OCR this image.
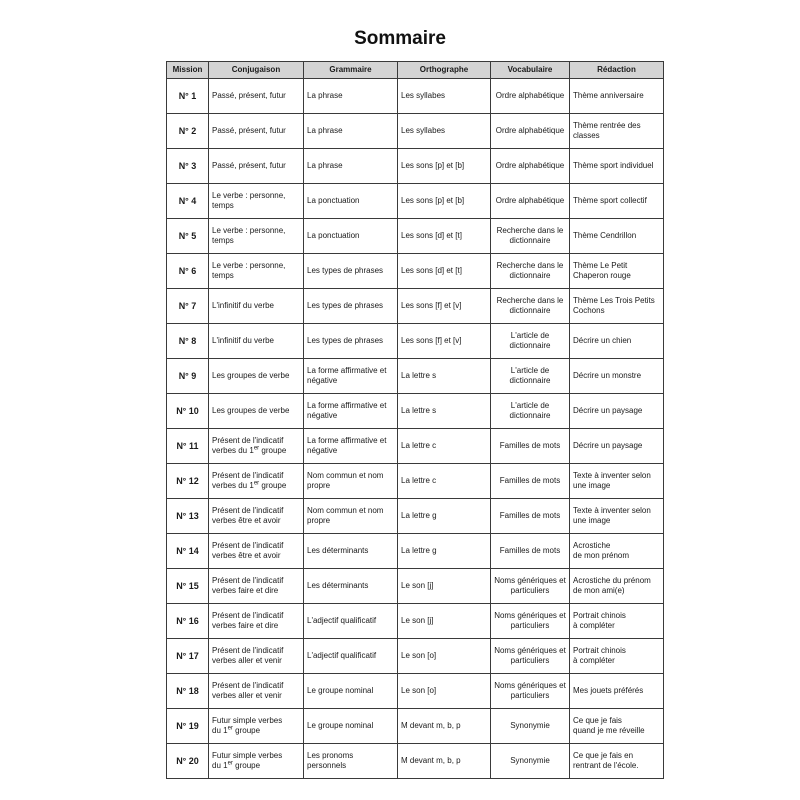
Sommaire
Mission	Conjugaison	Grammaire	Orthographe	Vocabulaire	Rédaction
N° 1	Passé, présent, futur	La phrase	Les syllabes	Ordre alphabétique	Thème anniversaire
N° 2	Passé, présent, futur	La phrase	Les syllabes	Ordre alphabétique	Thème rentrée des classes
N° 3	Passé, présent, futur	La phrase	Les sons [p] et [b]	Ordre alphabétique	Thème sport individuel
N° 4	Le verbe : personne, temps	La ponctuation	Les sons [p] et [b]	Ordre alphabétique	Thème sport collectif
N° 5	Le verbe : personne, temps	La ponctuation	Les sons [d] et [t]	Recherche dans le dictionnaire	Thème Cendrillon
N° 6	Le verbe : personne, temps	Les types de phrases	Les sons [d] et [t]	Recherche dans le dictionnaire	Thème Le Petit Chaperon rouge
N° 7	L'infinitif du verbe	Les types de phrases	Les sons [f] et [v]	Recherche dans le dictionnaire	Thème Les Trois Petits Cochons
N° 8	L'infinitif du verbe	Les types de phrases	Les sons [f] et [v]	L'article de dictionnaire	Décrire un chien
N° 9	Les groupes de verbe	La forme affirmative et négative	La lettre s	L'article de dictionnaire	Décrire un monstre
N° 10	Les groupes de verbe	La forme affirmative et négative	La lettre s	L'article de dictionnaire	Décrire un paysage
N° 11	Présent de l'indicatif
verbes du 1er groupe	La forme affirmative et négative	La lettre c	Familles de mots	Décrire un paysage
N° 12	Présent de l'indicatif
verbes du 1er groupe	Nom commun et nom propre	La lettre c	Familles de mots	Texte à inventer selon une image
N° 13	Présent de l'indicatif
verbes être et avoir	Nom commun et nom propre	La lettre g	Familles de mots	Texte à inventer selon une image
N° 14	Présent de l'indicatif
verbes être et avoir	Les déterminants	La lettre g	Familles de mots	Acrostiche
de mon prénom
N° 15	Présent de l'indicatif
verbes faire et dire	Les déterminants	Le son [j]	Noms génériques et particuliers	Acrostiche du prénom de mon ami(e)
N° 16	Présent de l'indicatif
verbes faire et dire	L'adjectif qualificatif	Le son [j]	Noms génériques et particuliers	Portrait chinois
à compléter
N° 17	Présent de l'indicatif
verbes aller et venir	L'adjectif qualificatif	Le son [o]	Noms génériques et particuliers	Portrait chinois
à compléter
N° 18	Présent de l'indicatif
verbes aller et venir	Le groupe nominal	Le son [o]	Noms génériques et particuliers	Mes jouets préférés
N° 19	Futur simple verbes
du 1er groupe	Le groupe nominal	M devant m, b, p	Synonymie	Ce que je fais
quand je me réveille
N° 20	Futur simple verbes
du 1er groupe	Les pronoms personnels	M devant m, b, p	Synonymie	Ce que je fais en
rentrant de l'école.
